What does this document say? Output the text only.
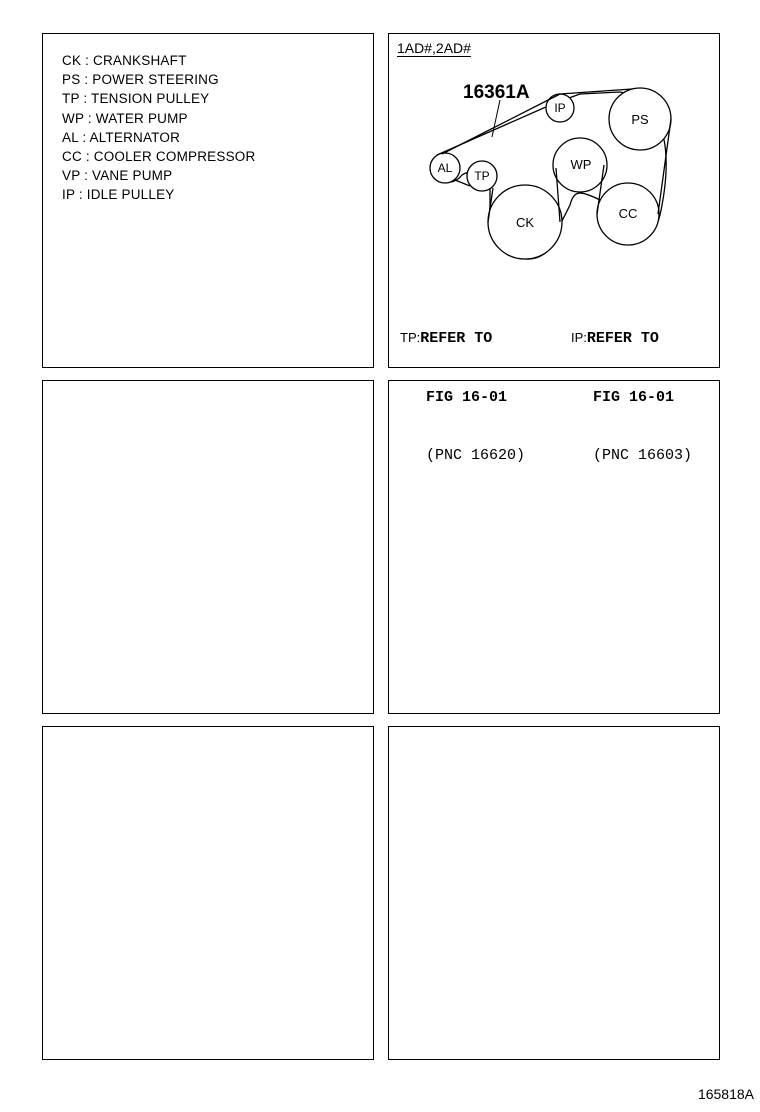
CK : CRANKSHAFT
PS : POWER STEERING
TP : TENSION PULLEY
WP : WATER PUMP
AL : ALTERNATOR
CC : COOLER COMPRESSOR
VP : VANE PUMP
IP : IDLE PULLEY
1AD#,2AD#
IP
PS
WP
AL
TP
CK
CC
16361A

TP:REFER TO

FIG 16-01

(PNC 16620)

IP:REFER TO

FIG 16-01

(PNC 16603)

165818A
